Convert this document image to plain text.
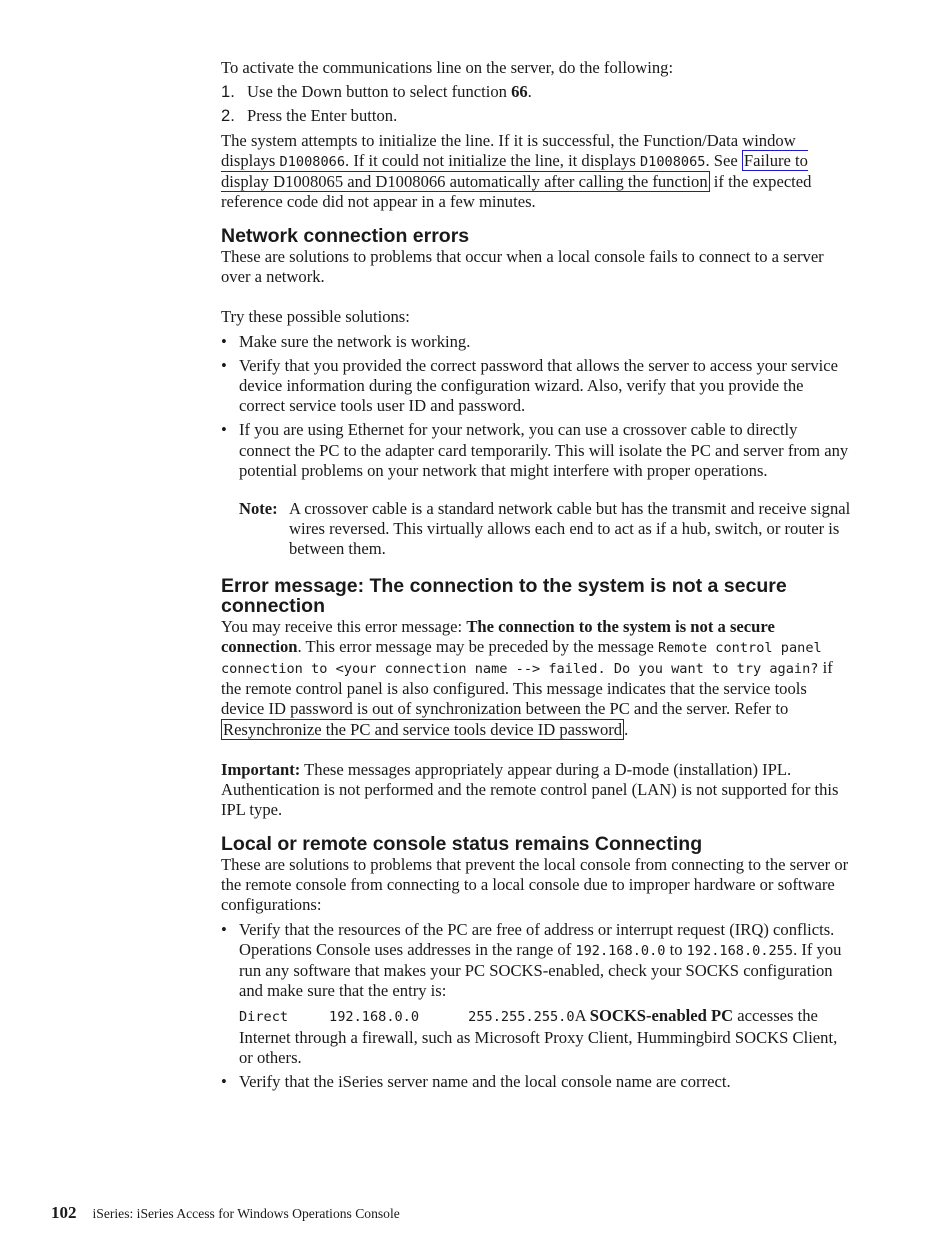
To activate the communications line on the server, do the following:

1. Use the Down button to select function 66.
2. Press the Enter button.

The system attempts to initialize the line. If it is successful, the Function/Data window displays D1008066. If it could not initialize the line, it displays D1008065. See Failure to display D1008065 and D1008066 automatically after calling the function if the expected reference code did not appear in a few minutes.

Network connection errors

These are solutions to problems that occur when a local console fails to connect to a server over a network.

Try these possible solutions:

• Make sure the network is working.
• Verify that you provided the correct password that allows the server to access your service device information during the configuration wizard. Also, verify that you provide the correct service tools user ID and password.
• If you are using Ethernet for your network, you can use a crossover cable to directly connect the PC to the adapter card temporarily. This will isolate the PC and server from any potential problems on your network that might interfere with proper operations.
Note: A crossover cable is a standard network cable but has the transmit and receive signal wires reversed. This virtually allows each end to act as if a hub, switch, or router is between them.
Error message: The connection to the system is not a secure connection

You may receive this error message: The connection to the system is not a secure connection. This error message may be preceded by the message Remote control panel connection to <your connection name --> failed. Do you want to try again? if the remote control panel is also configured. This message indicates that the service tools device ID password is out of synchronization between the PC and the server. Refer to Resynchronize the PC and service tools device ID password .

Important: These messages appropriately appear during a D-mode (installation) IPL. Authentication is not performed and the remote control panel (LAN) is not supported for this IPL type.

Local or remote console status remains Connecting

These are solutions to problems that prevent the local console from connecting to the server or the remote console from connecting to a local console due to improper hardware or software configurations:

• Verify that the resources of the PC are free of address or interrupt request (IRQ) conflicts. Operations Console uses addresses in the range of 192.168.0.0 to 192.168.0.255. If you run any software that makes your PC SOCKS-enabled, check your SOCKS configuration and make sure that the entry is:
Direct     192.168.0.0      255.255.255.0A SOCKS-enabled PC accesses the Internet through a firewall, such as Microsoft Proxy Client, Hummingbird SOCKS Client, or others.
• Verify that the iSeries server name and the local console name are correct.
102 iSeries: iSeries Access for Windows Operations Console
